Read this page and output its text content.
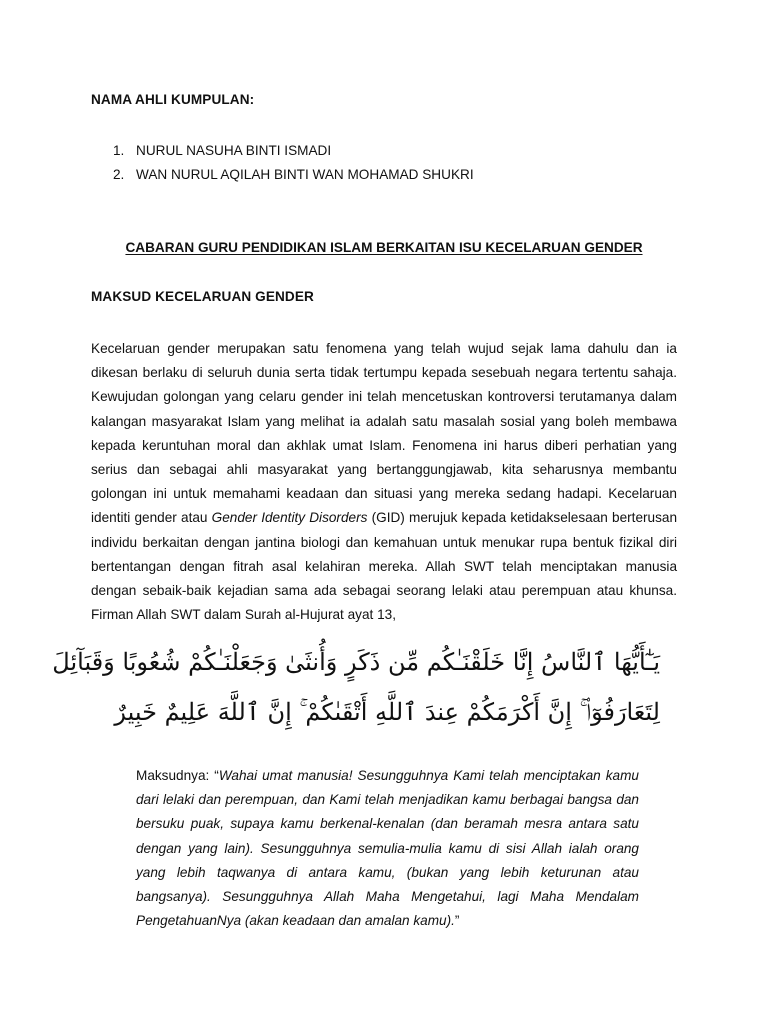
NAMA AHLI KUMPULAN:
1. NURUL NASUHA BINTI ISMADI
2. WAN NURUL AQILAH BINTI WAN MOHAMAD SHUKRI
CABARAN GURU PENDIDIKAN ISLAM BERKAITAN ISU KECELARUAN GENDER
MAKSUD KECELARUAN GENDER

Kecelaruan gender merupakan satu fenomena yang telah wujud sejak lama dahulu dan ia dikesan berlaku di seluruh dunia serta tidak tertumpu kepada sesebuah negara tertentu sahaja. Kewujudan golongan yang celaru gender ini telah mencetuskan kontroversi terutamanya dalam kalangan masyarakat Islam yang melihat ia adalah satu masalah sosial yang boleh membawa kepada keruntuhan moral dan akhlak umat Islam. Fenomena ini harus diberi perhatian yang serius dan sebagai ahli masyarakat yang bertanggungjawab, kita seharusnya membantu golongan ini untuk memahami keadaan dan situasi yang mereka sedang hadapi. Kecelaruan identiti gender atau Gender Identity Disorders (GID) merujuk kepada ketidakselesaan berterusan individu berkaitan dengan jantina biologi dan kemahuan untuk menukar rupa bentuk fizikal diri bertentangan dengan fitrah asal kelahiran mereka. Allah SWT telah menciptakan manusia dengan sebaik-baik kejadian sama ada sebagai seorang lelaki atau perempuan atau khunsa. Firman Allah SWT dalam Surah al-Hujurat ayat 13,

يَـٰٓأَيُّهَا ٱلنَّاسُ إِنَّا خَلَقْنَـٰكُم مِّن ذَكَرٍ وَأُنثَىٰ وَجَعَلْنَـٰكُمْ شُعُوبًا وَقَبَآئِلَ
لِتَعَارَفُوٓا۟ ۚ إِنَّ أَكْرَمَكُمْ عِندَ ٱللَّهِ أَتْقَىٰكُمْ ۚ إِنَّ ٱللَّهَ عَلِيمٌ خَبِيرٌ

Maksudnya: “Wahai umat manusia! Sesungguhnya Kami telah menciptakan kamu dari lelaki dan perempuan, dan Kami telah menjadikan kamu berbagai bangsa dan bersuku puak, supaya kamu berkenal-kenalan (dan beramah mesra antara satu dengan yang lain). Sesungguhnya semulia-mulia kamu di sisi Allah ialah orang yang lebih taqwanya di antara kamu, (bukan yang lebih keturunan atau bangsanya). Sesungguhnya Allah Maha Mengetahui, lagi Maha Mendalam PengetahuanNya (akan keadaan dan amalan kamu).”
